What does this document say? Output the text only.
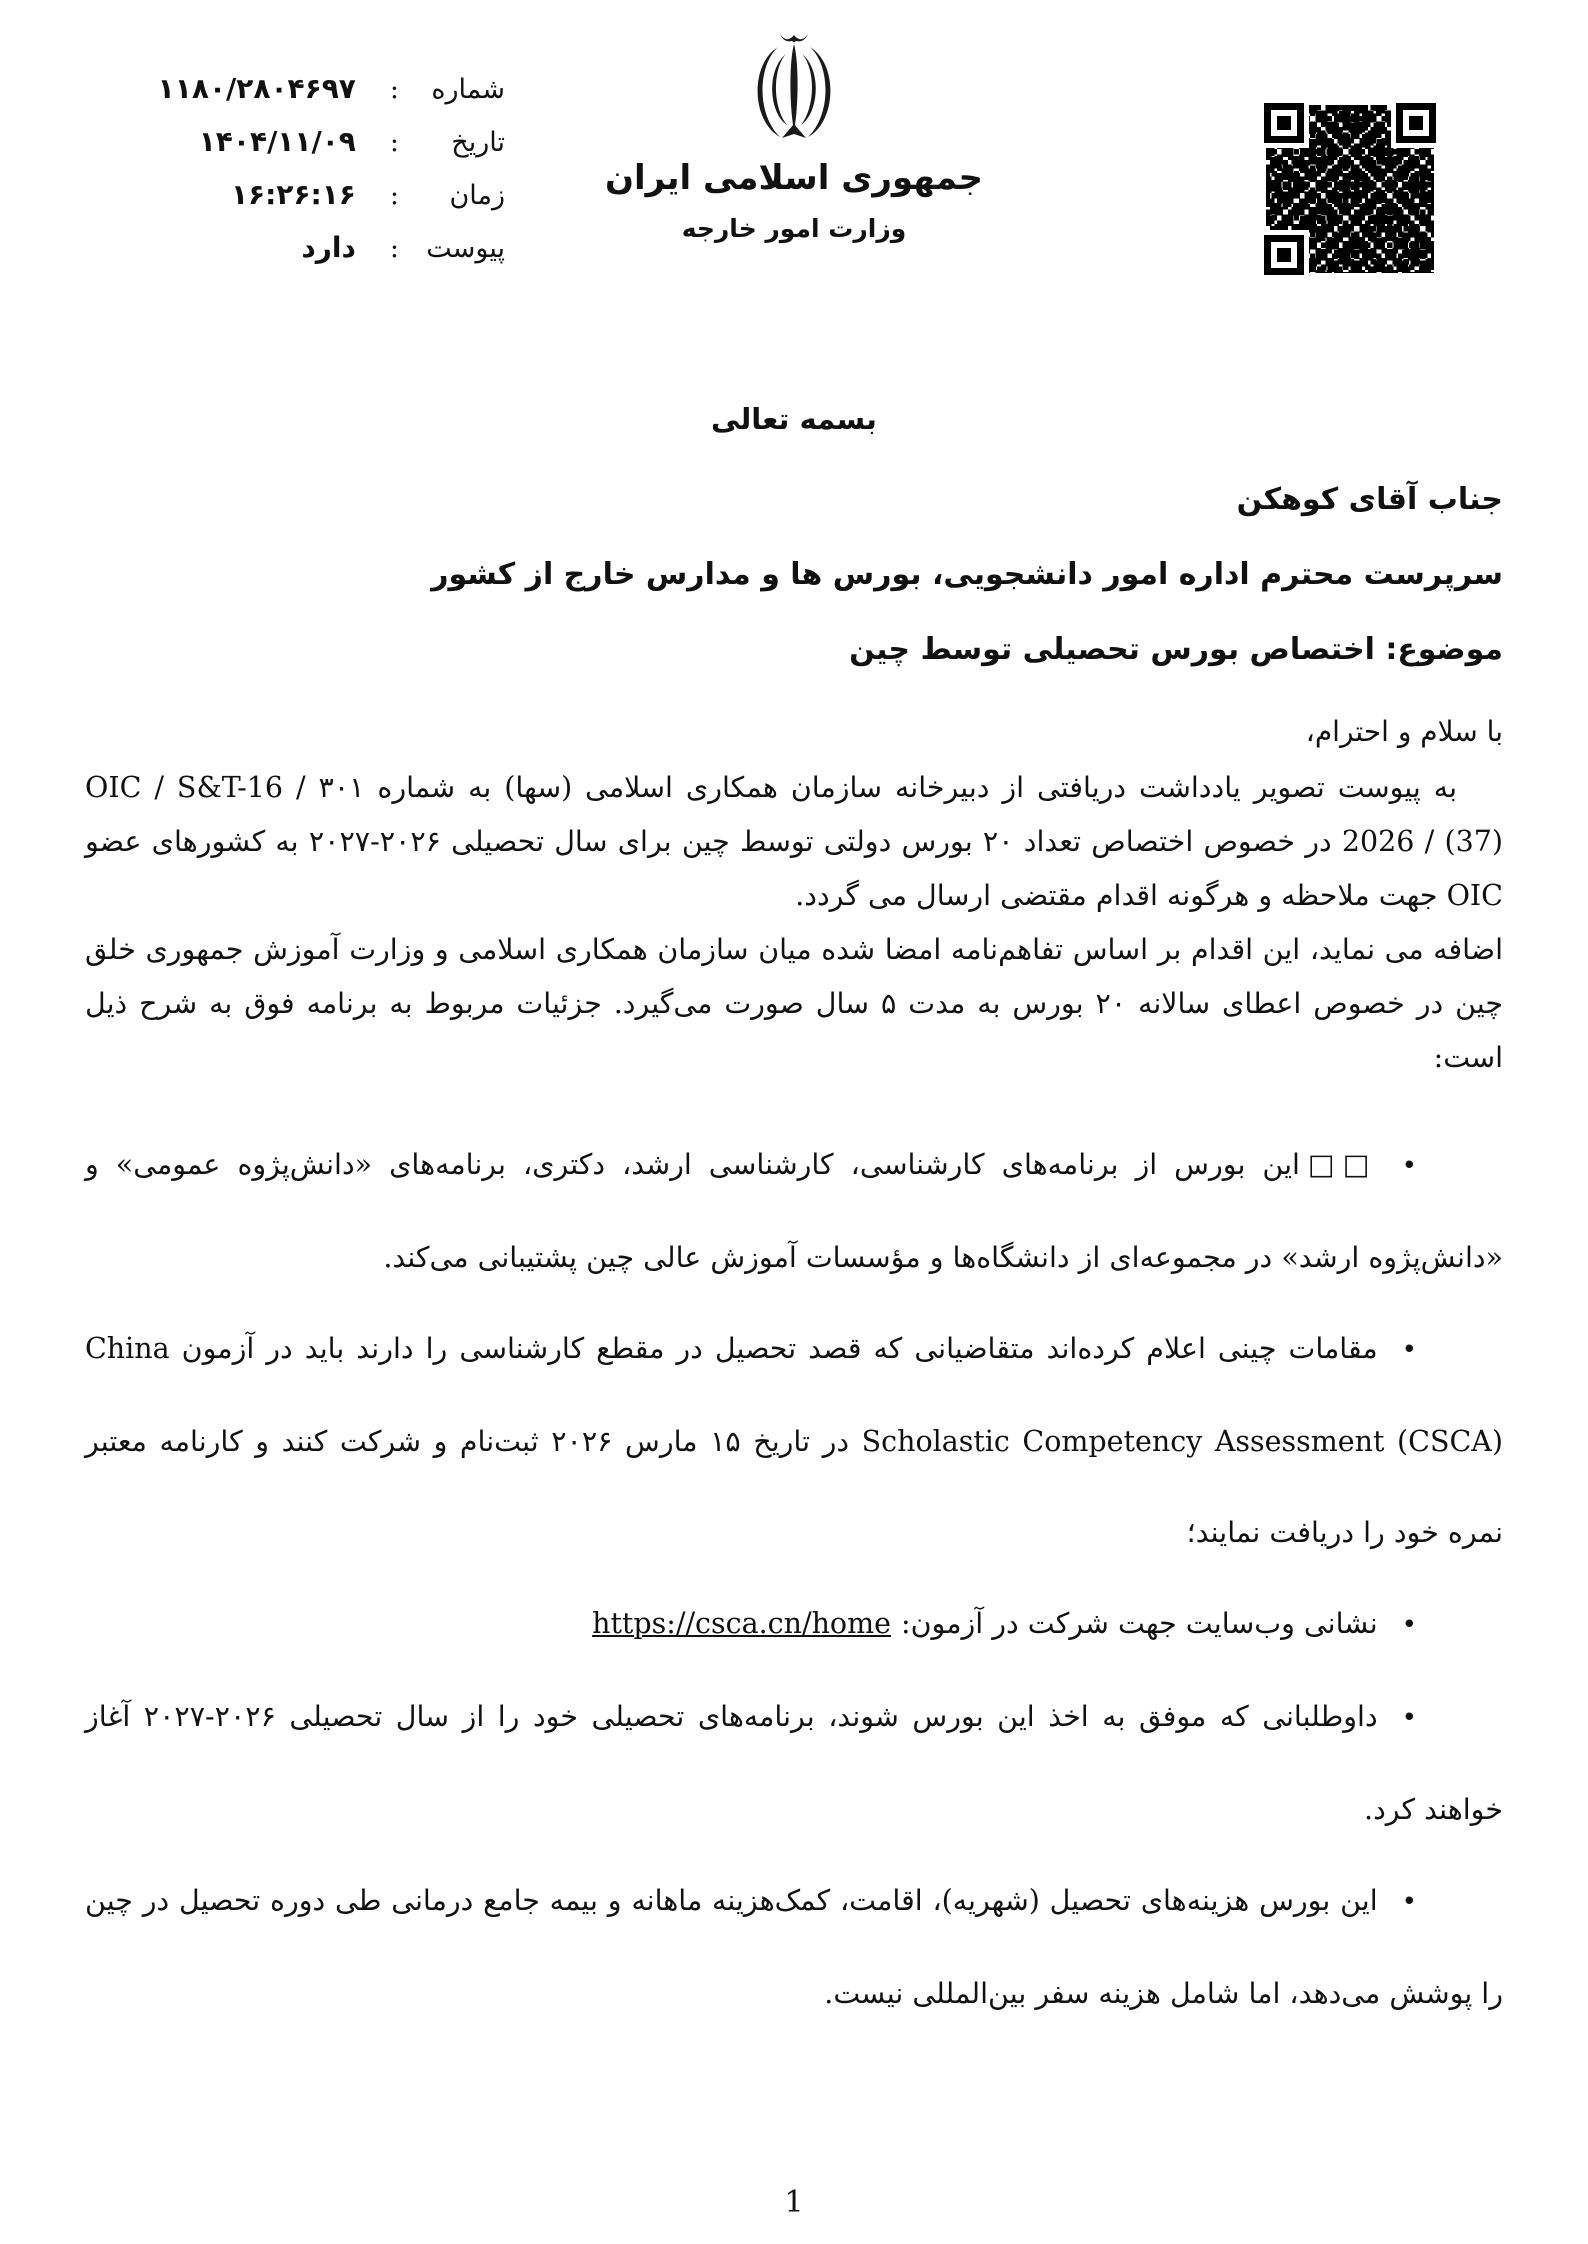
شماره
:
۱۱۸۰/۲۸۰۴۶۹۷
تاریخ
:
۱۴۰۴/۱۱/۰۹
زمان
:
۱۶:۲۶:۱۶
پیوست
:
دارد
جمهوری اسلامی ایران
وزارت امور خارجه
بسمه تعالی
جناب آقای کوهکن
سرپرست محترم اداره امور دانشجویی، بورس ها و مدارس خارج از کشور
موضوع: اختصاص بورس تحصیلی توسط چین
با سلام و احترام،

به پیوست تصویر یادداشت دریافتی از دبیرخانه سازمان همکاری اسلامی (سها) به شماره ۳۰۱ OIC / S&T-16 / 2026 / (37) در خصوص اختصاص تعداد ۲۰ بورس دولتی توسط چین برای سال تحصیلی ۲۰۲۶-۲۰۲۷ به کشورهای عضو OIC جهت ملاحظه و هرگونه اقدام مقتضی ارسال می گردد.

اضافه می نماید، این اقدام بر اساس تفاهم‌نامه امضا شده میان سازمان همکاری اسلامی و وزارت آموزش جمهوری خلق چین در خصوص اعطای سالانه ۲۰ بورس به مدت ۵ سال صورت می‌گیرد. جزئیات مربوط به برنامه فوق به شرح ذیل است:

•□□این بورس از برنامه‌های کارشناسی، کارشناسی ارشد، دکتری، برنامه‌های «دانش‌پژوه عمومی» و «دانش‌پژوه ارشد» در مجموعه‌ای از دانشگاه‌ها و مؤسسات آموزش عالی چین پشتیبانی می‌کند.

•مقامات چینی اعلام کرده‌اند متقاضیانی که قصد تحصیل در مقطع کارشناسی را دارند باید در آزمون China Scholastic Competency Assessment (CSCA) در تاریخ ۱۵ مارس ۲۰۲۶ ثبت‌نام و شرکت کنند و کارنامه معتبر نمره خود را دریافت نمایند؛

•نشانی وب‌سایت جهت شرکت در آزمون:https://csca.cn/home

•داوطلبانی که موفق به اخذ این بورس شوند، برنامه‌های تحصیلی خود را از سال تحصیلی ۲۰۲۶-۲۰۲۷ آغاز خواهند کرد.

•این بورس هزینه‌های تحصیل (شهریه)، اقامت، کمک‌هزینه ماهانه و بیمه جامع درمانی طی دوره تحصیل در چین را پوشش می‌دهد، اما شامل هزینه سفر بین‌المللی نیست.

1
